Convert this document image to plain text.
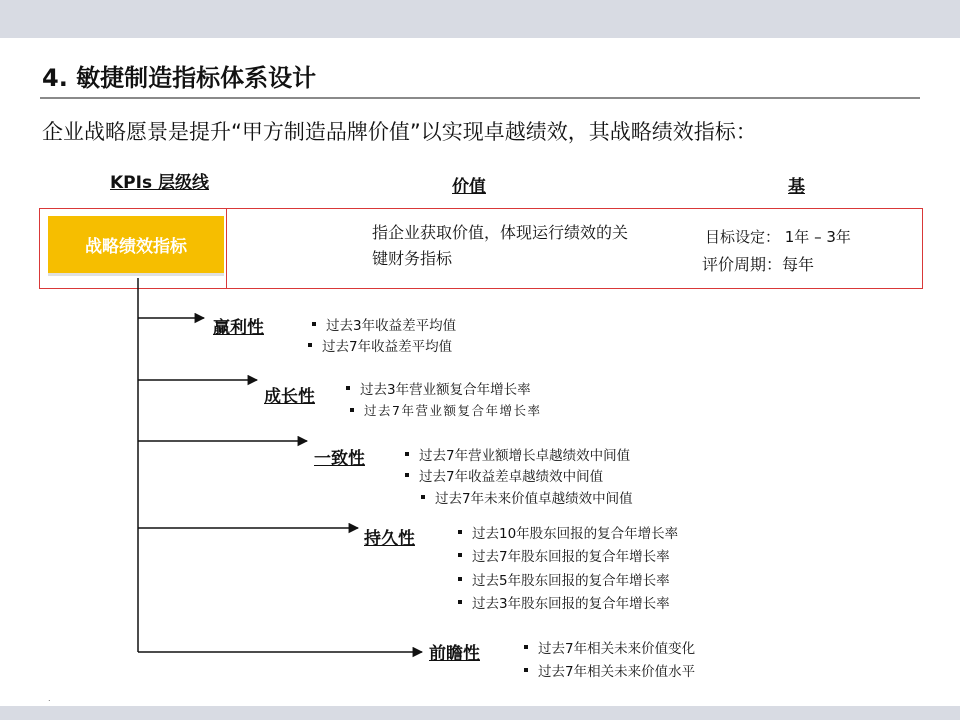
4. 敏捷制造指标体系设计
企业战略愿景是提升“甲方制造品牌价值”以实现卓越绩效，其战略绩效指标：
KPIs 层级线	价值	基
战略绩效指标
指企业获取价值，体现运行绩效的关键财务指标
目标设定： 1年 – 3年
评价周期：每年
赢利性	过去3年收益差平均值
过去7年收益差平均值
成长性	过去3年营业额复合年增长率
过去7年营业额复合年增长率
一致性	过去7年营业额增长卓越绩效中间值
过去7年收益差卓越绩效中间值
过去7年未来价值卓越绩效中间值
持久性	过去10年股东回报的复合年增长率
过去7年股东回报的复合年增长率
过去5年股东回报的复合年增长率
过去3年股东回报的复合年增长率
前瞻性	过去7年相关未来价值变化
过去7年相关未来价值水平
.
